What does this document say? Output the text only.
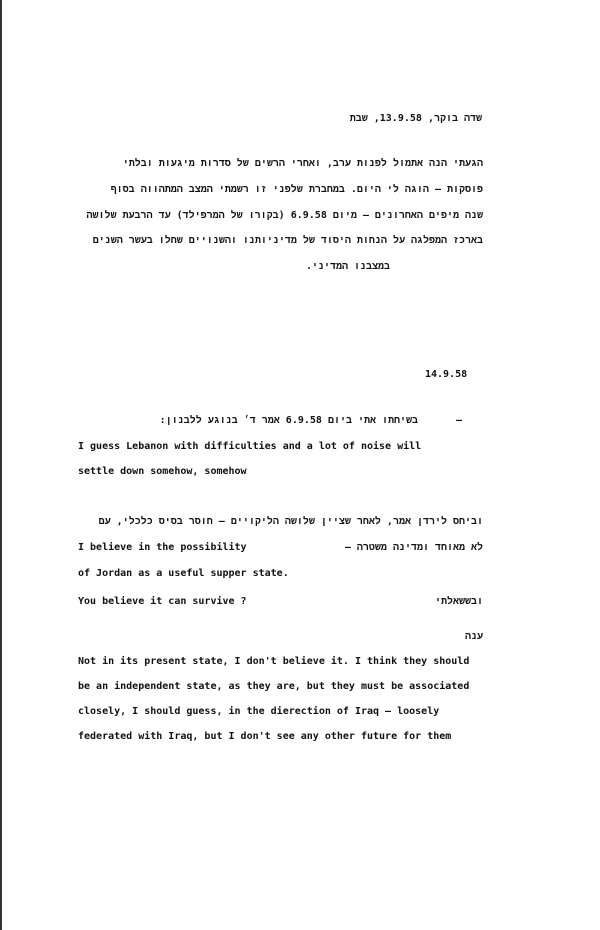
שדה בוקר, 13.9.58, שבת
הגעתי הנה אתמול לפנות ערב, ואחרי הרשים של סדרות מיגעות ובלתי
פוסקות – הוגה לי היום. במחברת שלפני זו רשמתי המצב המתהווה בסוף
שנה מיפים האחרונים – מיום 6.9.58 (בקורו של המרפילד) עד הרבעת שלושה
בארכז המפלגה על הנחות היסוד של מדיניותנו והשנויים שחלו בעשר השנים
במצבנו המדיני.
14.9.58
–
בשיחתו אתי ביום 6.9.58 אמר ד׳ בנוגע ללבנון:
I guess Lebanon with difficulties and a lot of noise will
settle down somehow, somehow
וביחס לירדן אמר, לאחר שציין שלושה הליקויים – חוסר בסיס כלכלי, עם
I believe in the possibility	לא מאוחד ומדינה משטרה –
of Jordan as a useful supper state.
You believe it can survive ?	ובששאלתי
ענה
Not in its present state, I don't believe it. I think they should
be an independent state, as they are, but they must be associated
closely, I should guess, in the dierection of Iraq – loosely
federated with Iraq, but I don't see any other future for them
